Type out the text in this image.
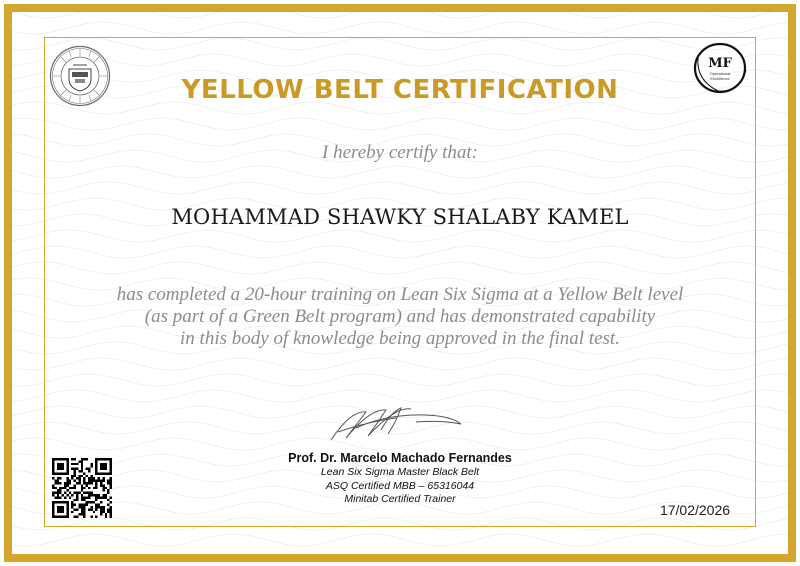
MF
Operational
Excellence
YELLOW BELT CERTIFICATION
I hereby certify that:
MOHAMMAD SHAWKY SHALABY KAMEL
has completed a 20-hour training on Lean Six Sigma at a Yellow Belt level
(as part of a Green Belt program) and has demonstrated capability
in this body of knowledge being approved in the final test.
Prof. Dr. Marcelo Machado Fernandes
Lean Six Sigma Master Black Belt
ASQ Certified MBB – 65316044
Minitab Certified Trainer
17/02/2026
